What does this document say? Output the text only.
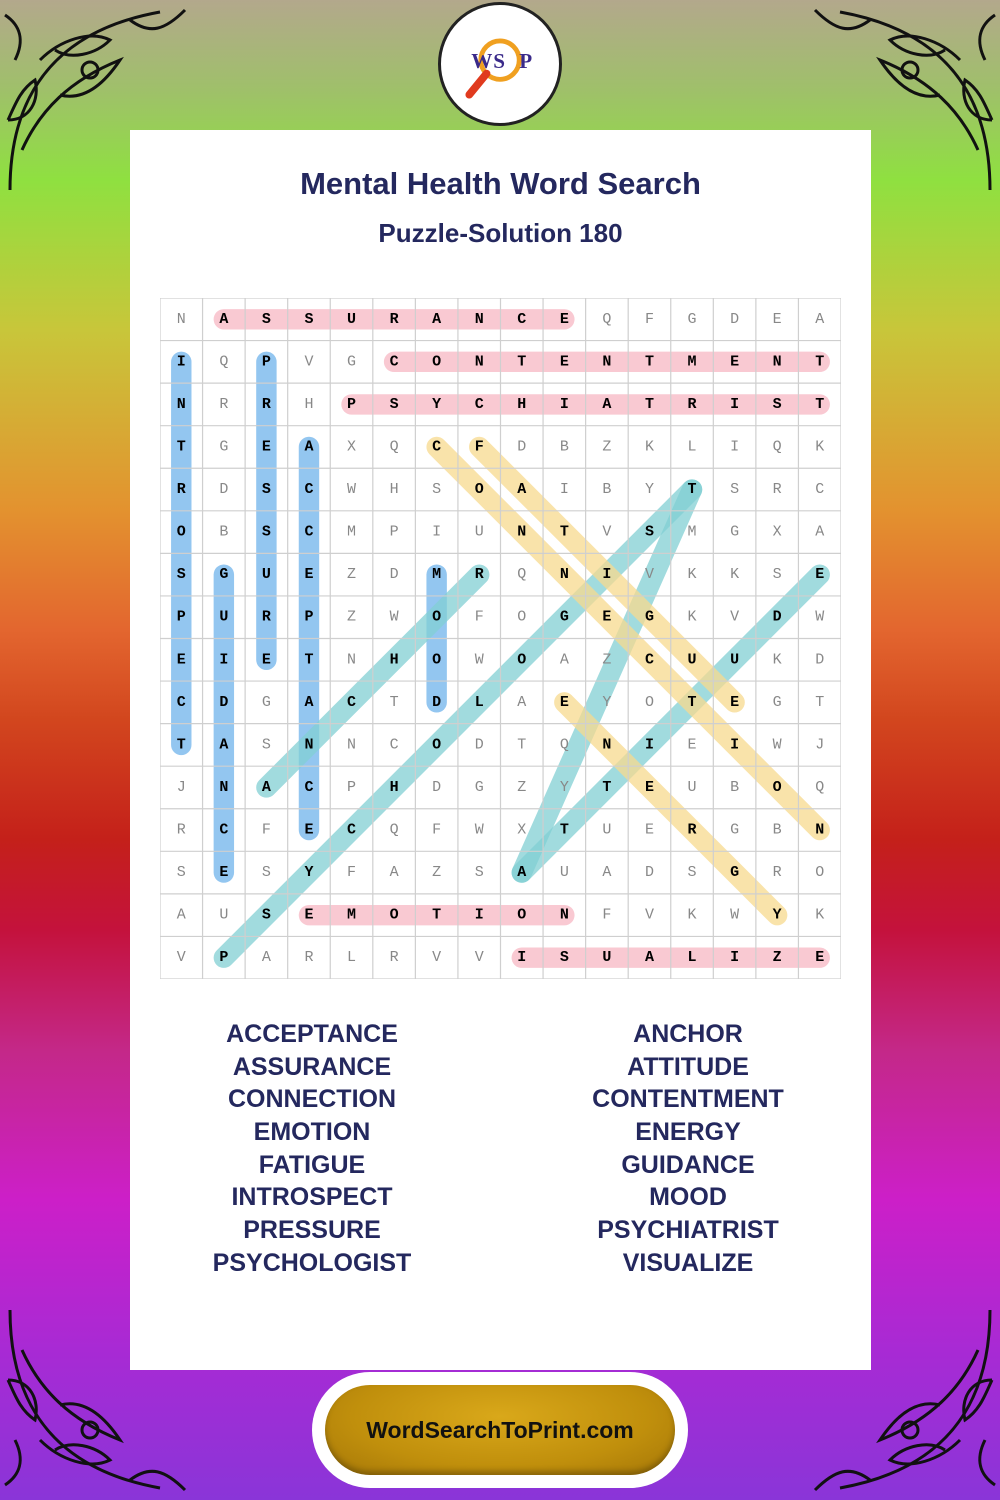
W S P
Mental Health Word Search
Puzzle-Solution 180
N A S S U R A N C E Q F G D E A
I Q P V G C O N T E N T M E N T
N R R H P S Y C H I A T R I S T
T G E A X Q C F D B Z K L I Q K
R D S C W H S O A I B Y T S R C
O B S C M P I U N T V S M G X A
S G U E Z D M R Q N I V K K S E
P U R P Z W O F O G E G K V D W
E I E T N H O W O A Z C U U K D
C D G A C T D L A E Y O T E G T
T A S N N C O D T Q N I E I W J
J N A C P H D G Z Y T E U B O Q
R C F E C Q F W X T U E R G B N
S E S Y F A Z S A U A D S G R O
A U S E M O T I O N F V K W Y K
V P A R L R V V I S U A L I Z E
ACCEPTANCE
ASSURANCE
CONNECTION
EMOTION
FATIGUE
INTROSPECT
PRESSURE
PSYCHOLOGIST
ANCHOR
ATTITUDE
CONTENTMENT
ENERGY
GUIDANCE
MOOD
PSYCHIATRIST
VISUALIZE
WordSearchToPrint.com
